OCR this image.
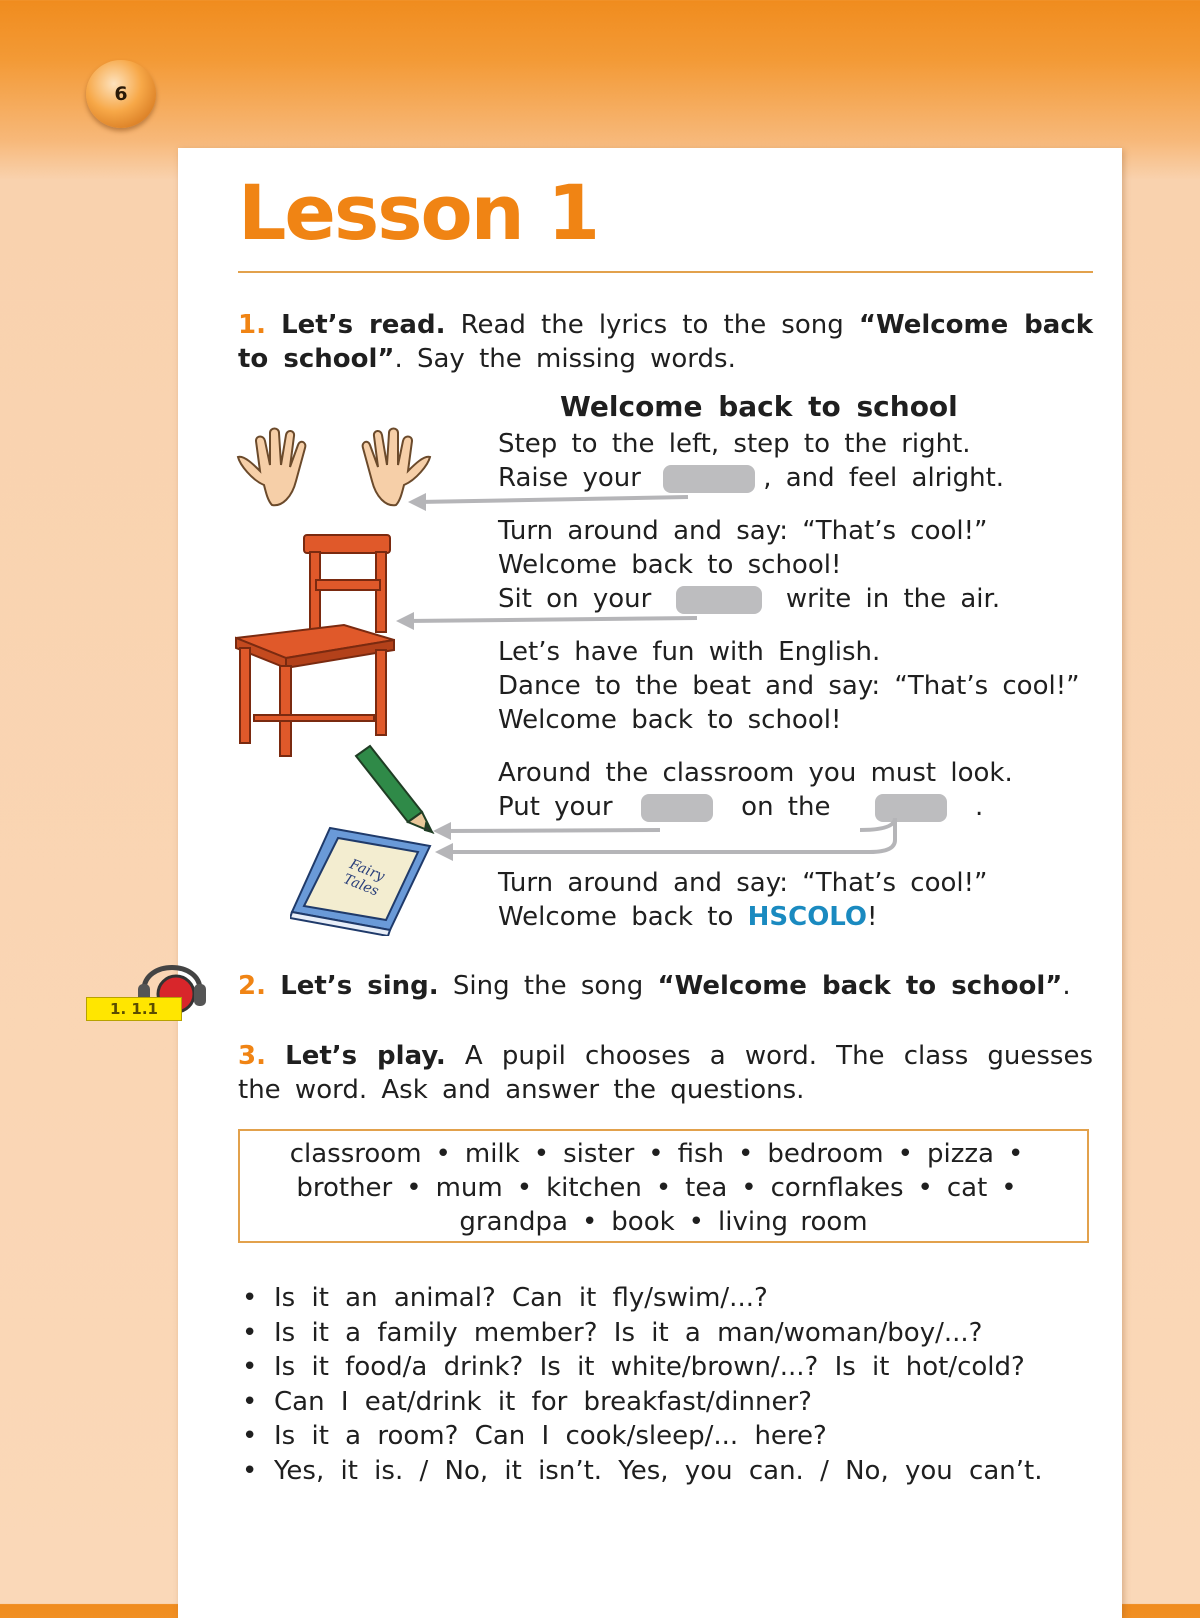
6
Lesson 1
1. Let’s read. Read the lyrics to the song “Welcome back to school”. Say the missing words.
Welcome back to school
Step to the left, step to the right.
Raise your	, and feel alright.
Turn around and say: “That’s cool!”
Welcome back to school!
Sit on your	write in the air.
Let’s have fun with English.
Dance to the beat and say: “That’s cool!”
Welcome back to school!
Around the classroom you must look.
Put your	on the	.
Turn around and say: “That’s cool!”
Welcome back to HSCOLO!
Fairy Tales
1. 1.1
2. Let’s sing. Sing the song “Welcome back to school”.
3. Let’s play. A pupil chooses a word. The class guesses the word. Ask and answer the questions.
classroom • milk • sister • fish • bedroom • pizza •
brother • mum • kitchen • tea • cornflakes • cat •
grandpa • book • living room
• Is it an animal? Can it fly/swim/...?
• Is it a family member? Is it a man/woman/boy/...?
• Is it food/a drink? Is it white/brown/...? Is it hot/cold?
• Can I eat/drink it for breakfast/dinner?
• Is it a room? Can I cook/sleep/... here?
• Yes, it is. / No, it isn’t. Yes, you can. / No, you can’t.
